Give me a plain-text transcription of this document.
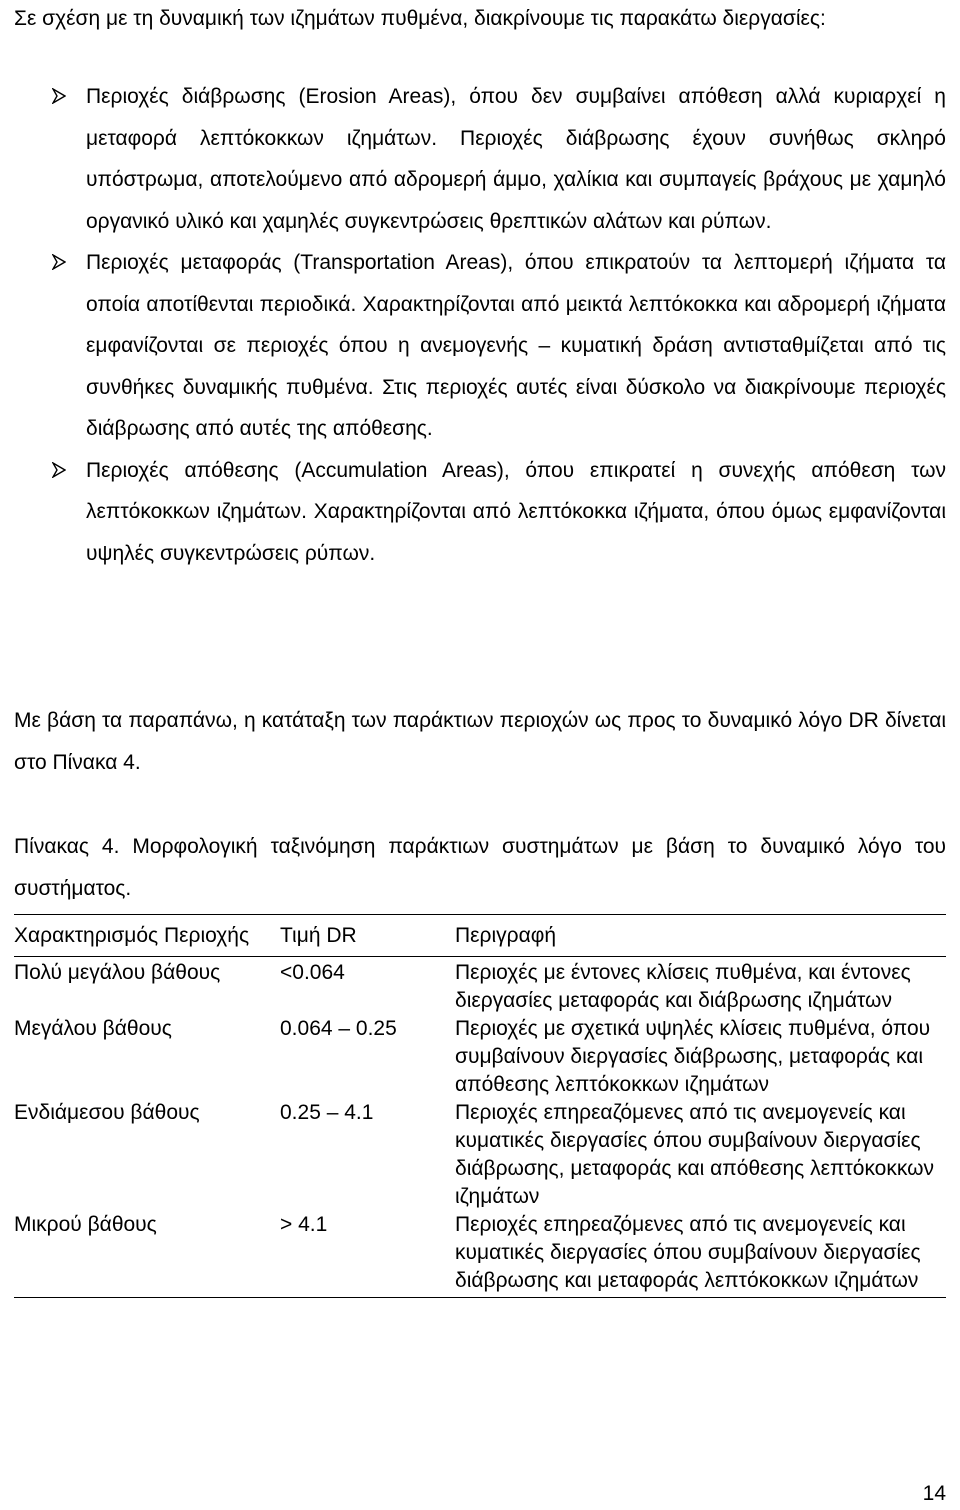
Σε σχέση με τη δυναμική των ιζημάτων πυθμένα, διακρίνουμε τις παρακάτω διεργασίες:
Περιοχές διάβρωσης (Erosion Areas), όπου δεν συμβαίνει απόθεση αλλά κυριαρχεί η μεταφορά λεπτόκοκκων ιζημάτων. Περιοχές διάβρωσης έχουν συνήθως σκληρό υπόστρωμα, αποτελούμενο από αδρομερή άμμο, χαλίκια και συμπαγείς βράχους με χαμηλό οργανικό υλικό και χαμηλές συγκεντρώσεις θρεπτικών αλάτων και ρύπων.
Περιοχές μεταφοράς (Transportation Areas), όπου επικρατούν τα λεπτομερή ιζήματα τα οποία αποτίθενται περιοδικά. Χαρακτηρίζονται από μεικτά λεπτόκοκκα και αδρομερή ιζήματα εμφανίζονται σε περιοχές όπου η ανεμογενής – κυματική δράση αντισταθμίζεται από τις συνθήκες δυναμικής πυθμένα. Στις περιοχές αυτές είναι δύσκολο να διακρίνουμε περιοχές διάβρωσης από αυτές της απόθεσης.
Περιοχές απόθεσης (Accumulation Areas), όπου επικρατεί η συνεχής απόθεση των λεπτόκοκκων ιζημάτων. Χαρακτηρίζονται από λεπτόκοκκα ιζήματα, όπου όμως εμφανίζονται υψηλές συγκεντρώσεις ρύπων.
Με βάση τα παραπάνω, η κατάταξη των παράκτιων περιοχών ως προς το δυναμικό λόγο DR δίνεται στο Πίνακα 4.
Πίνακας 4. Μορφολογική ταξινόμηση παράκτιων συστημάτων με βάση το δυναμικό λόγο του συστήματος.
Χαρακτηρισμός Περιοχής	Τιμή DR	Περιγραφή
Πολύ μεγάλου βάθους	<0.064	Περιοχές με έντονες κλίσεις πυθμένα, και έντονες διεργασίες μεταφοράς και διάβρωσης ιζημάτων
Μεγάλου βάθους	0.064 – 0.25	Περιοχές με σχετικά υψηλές κλίσεις πυθμένα, όπου συμβαίνουν διεργασίες διάβρωσης, μεταφοράς και απόθεσης λεπτόκοκκων ιζημάτων
Ενδιάμεσου βάθους	0.25 – 4.1	Περιοχές επηρεαζόμενες από τις ανεμογενείς και κυματικές διεργασίες όπου συμβαίνουν διεργασίες διάβρωσης, μεταφοράς και απόθεσης λεπτόκοκκων ιζημάτων
Μικρού βάθους	> 4.1	Περιοχές επηρεαζόμενες από τις ανεμογενείς και κυματικές διεργασίες όπου συμβαίνουν διεργασίες διάβρωσης και μεταφοράς λεπτόκοκκων ιζημάτων
14
